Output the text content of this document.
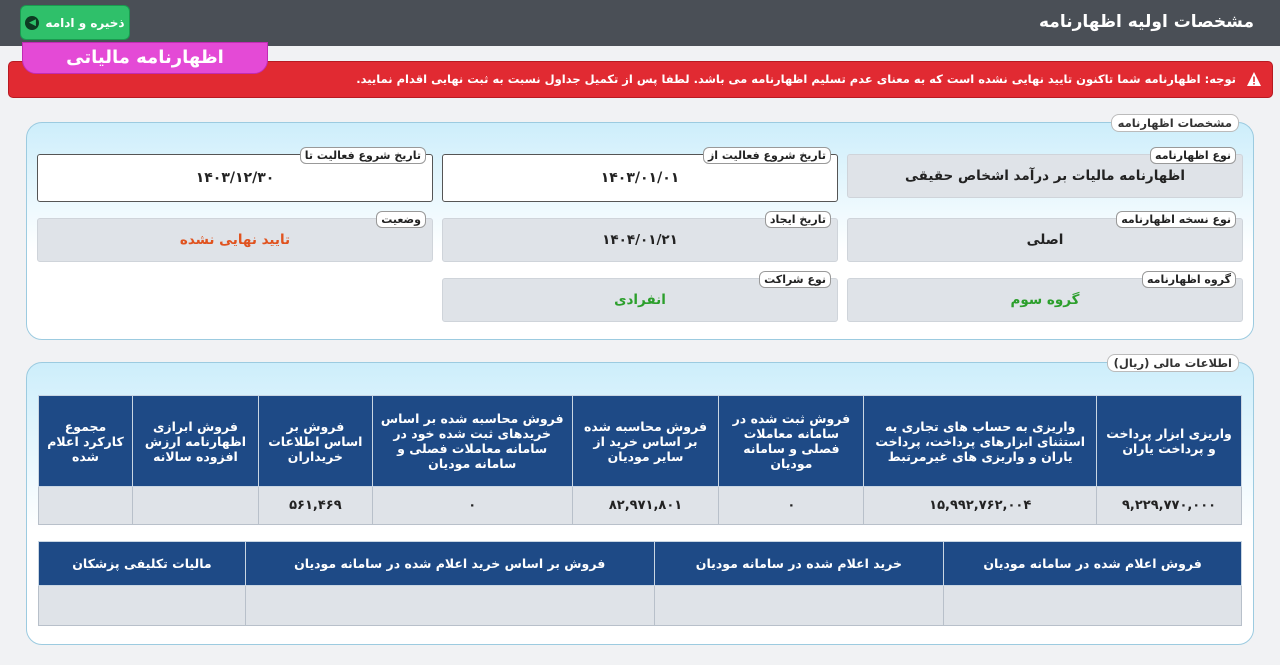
مشخصات اولیه اظهارنامه
ذخیره و ادامه
◀
توجه: اظهارنامه شما تاکنون تایید نهایی نشده است که به معنای عدم تسلیم اظهارنامه می باشد. لطفا پس از تکمیل جداول نسبت به ثبت نهایی اقدام نمایید.
اظهارنامه مالیاتی
مشخصات اظهارنامه
نوع اظهارنامه
اظهارنامه مالیات بر درآمد اشخاص حقیقی
تاریخ شروع فعالیت از
۱۴۰۳/۰۱/۰۱
تاریخ شروع فعالیت تا
۱۴۰۳/۱۲/۳۰
نوع نسخه اظهارنامه
اصلی
تاریخ ایجاد
۱۴۰۴/۰۱/۲۱
وضعیت
تایید نهایی نشده
گروه اظهارنامه
گروه سوم
نوع شراکت
انفرادی
اطلاعات مالی (ریال)
واریزی ابزار پرداخت و پرداخت یاران	واریزی به حساب های تجاری به استثنای ابزارهای پرداخت، پرداخت یاران و واریزی های غیرمرتبط	فروش ثبت شده در سامانه معاملات فصلی و سامانه مودیان	فروش محاسبه شده بر اساس خرید از سایر مودیان	فروش محاسبه شده بر اساس خریدهای ثبت شده خود در سامانه معاملات فصلی و سامانه مودیان	فروش بر اساس اطلاعات خریداران	فروش ابرازی اظهارنامه ارزش افزوده سالانه	مجموع کارکرد اعلام شده
۹,۲۲۹,۷۷۰,۰۰۰	۱۵,۹۹۲,۷۶۲,۰۰۴	۰	۸۲,۹۷۱,۸۰۱	۰	۵۶۱,۴۶۹		
فروش اعلام شده در سامانه مودیان	خرید اعلام شده در سامانه مودیان	فروش بر اساس خرید اعلام شده در سامانه مودیان	مالیات تکلیفی پزشکان
